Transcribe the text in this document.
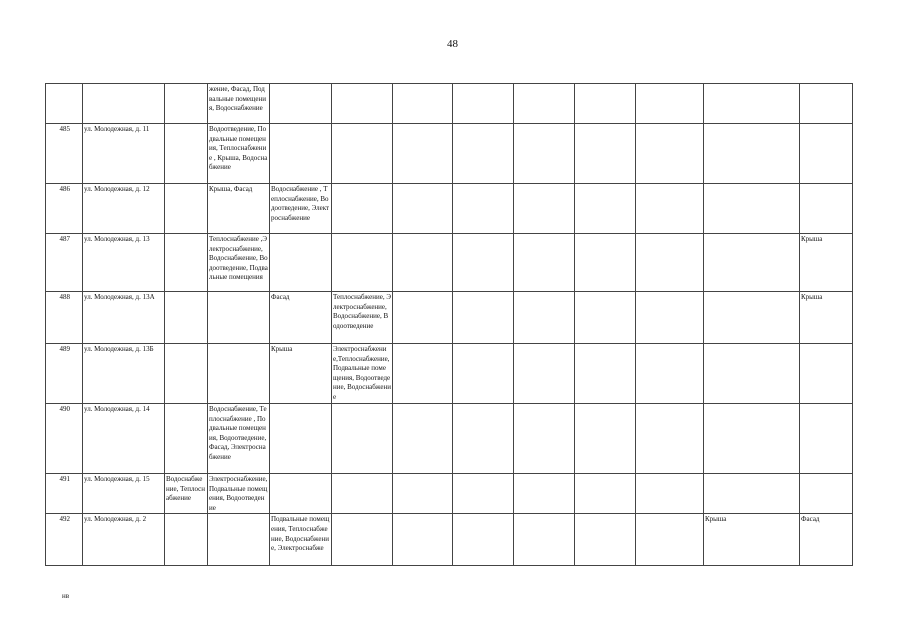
48
			жение, Фасад, Подвальные помещения, Водоснабжение										
485	ул. Молодежная, д. 11		Водоотведение, Подвальные помещения, Теплоснабжение , Крыша, Водоснабжение										
486	ул. Молодежная, д. 12		Крыша, Фасад	Водоснабжение , Теплоснабжение, Водоотведение, Электроснабжение									
487	ул. Молодежная, д. 13		Теплоснабжение ,Электроснабжение, Водоснабжение, Водоотведение, Подвальные помещения										Крыша
488	ул. Молодежная, д. 13А			Фасад	Теплоснабжение, Электроснабжение, Водоснабжение, Водоотведение								Крыша
489	ул. Молодежная, д. 13Б			Крыша	Электроснабжение,Теплоснабжение, Подвальные помещения, Водоотведение, Водоснабжение								
490	ул. Молодежная, д. 14		Водоснабжение, Теплоснабжение , Подвальные помещения, Водоотведение, Фасад, Электроснабжение										
491	ул. Молодежная, д. 15	Водоснабжение, Теплоснабжение	Электроснабжение, Подвальные помещения, Водоотведение										
492	ул. Молодежная, д. 2			Подвальные помещения, Теплоснабжение, Водоснабжение, Электроснабже								Крыша	Фасад
нв
